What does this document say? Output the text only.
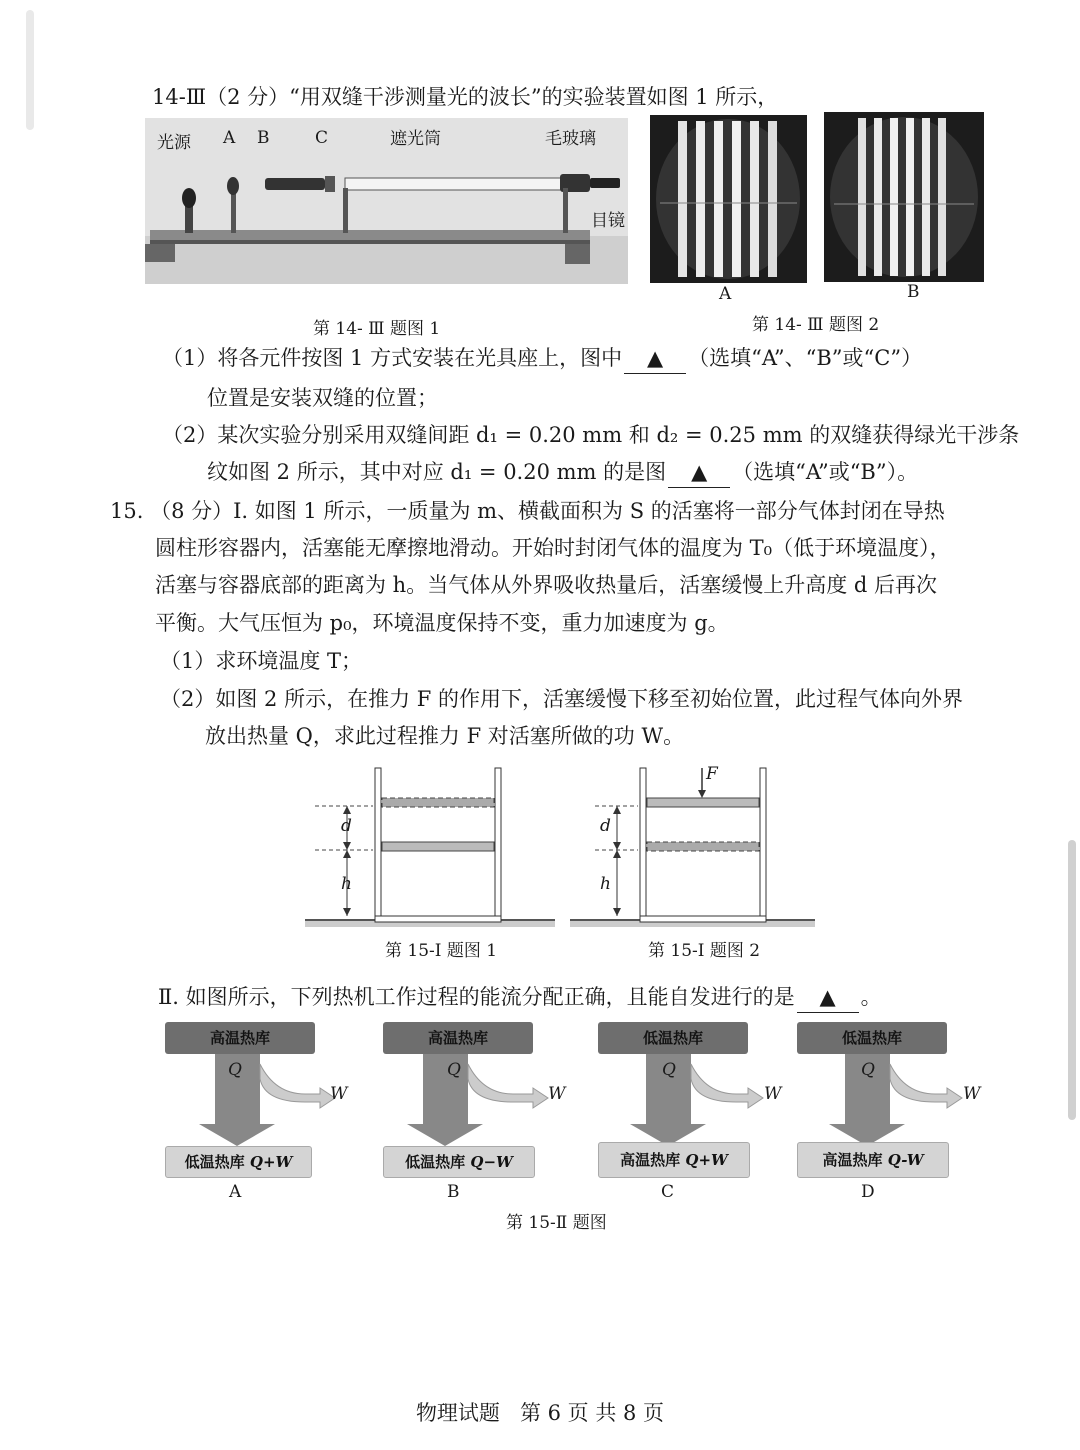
14-Ⅲ（2 分）“用双缝干涉测量光的波长”的实验装置如图 1 所示，
光源 A B	C	遮光筒	毛玻璃
目镜
A	B
第 14- Ⅲ 题图 1	第 14- Ⅲ 题图 2
（1）将各元件按图 1 方式安装在光具座上，图中 ▲ （选填“A”、“B”或“C”）
位置是安装双缝的位置；
（2）某次实验分别采用双缝间距 d₁ = 0.20 mm 和 d₂ = 0.25 mm 的双缝获得绿光干涉条
纹如图 2 所示，其中对应 d₁ = 0.20 mm 的是图 ▲ （选填“A”或“B”）。
15. （8 分）Ⅰ. 如图 1 所示，一质量为 m、横截面积为 S 的活塞将一部分气体封闭在导热
圆柱形容器内，活塞能无摩擦地滑动。开始时封闭气体的温度为 T₀（低于环境温度），
活塞与容器底部的距离为 h。当气体从外界吸收热量后，活塞缓慢上升高度 d 后再次
平衡。大气压恒为 p₀，环境温度保持不变，重力加速度为 g。
（1）求环境温度 T；
（2）如图 2 所示，在推力 F 的作用下，活塞缓慢下移至初始位置，此过程气体向外界
放出热量 Q，求此过程推力 F 对活塞所做的功 W。
d
h
d
h
F
第 15-Ⅰ 题图 1	第 15-Ⅰ 题图 2
Ⅱ. 如图所示，下列热机工作过程的能流分配正确，且能自发进行的是 ▲ 。
高温热库
Q
W
低温热库 Q+W
A
高温热库
Q
W
低温热库 Q−W
B
低温热库
Q
W
高温热库 Q+W
C
低温热库
Q
W
高温热库 Q-W
D
第 15-Ⅱ 题图
物理试题   第 6 页 共 8 页
